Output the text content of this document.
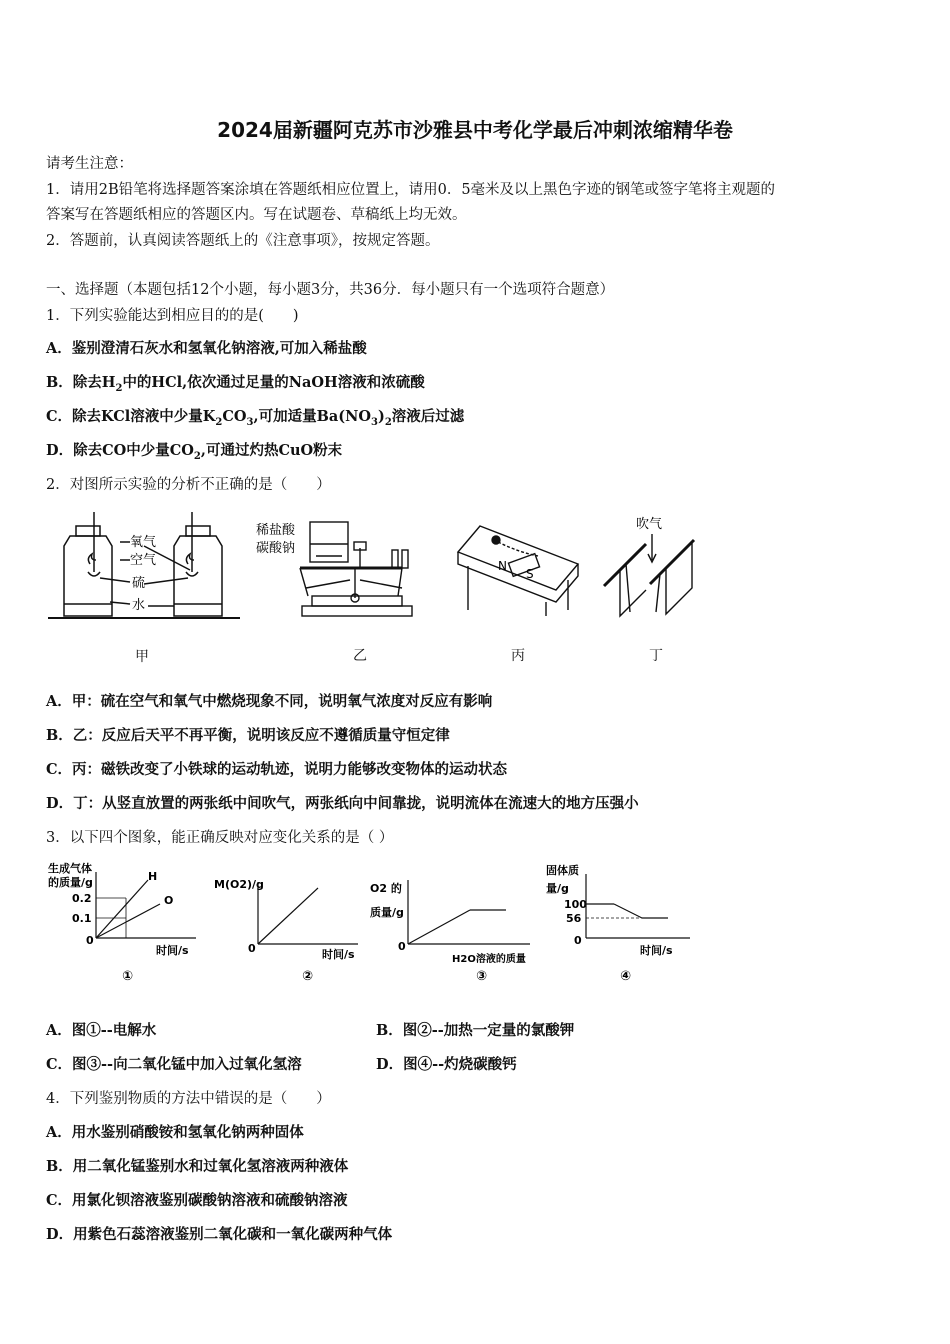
2024届新疆阿克苏市沙雅县中考化学最后冲刺浓缩精华卷
请考生注意：
1．请用2B铅笔将选择题答案涂填在答题纸相应位置上，请用0．5毫米及以上黑色字迹的钢笔或签字笔将主观题的
答案写在答题纸相应的答题区内。写在试题卷、草稿纸上均无效。
2．答题前，认真阅读答题纸上的《注意事项》，按规定答题。
一、选择题（本题包括12个小题，每小题3分，共36分．每小题只有一个选项符合题意）
1．下列实验能达到相应目的的是(　　)
A．鉴别澄清石灰水和氢氧化钠溶液,可加入稀盐酸
B．除去$H_2$中的HCl,依次通过足量的NaOH溶液和浓硫酸
C．除去KCl溶液中少量$K_2CO_3$,可加适量$Ba(NO_3)_2$溶液后过滤
D．除去CO中少量$CO_2$,可通过灼热CuO粉末
2．对图所示实验的分析不正确的是（　　）
氧气
空气
硫
水
稀盐酸
碳酸钠
N
S
吹气
甲	乙	丙	丁
A．甲：硫在空气和氧气中燃烧现象不同，说明氧气浓度对反应有影响
B．乙：反应后天平不再平衡，说明该反应不遵循质量守恒定律
C．丙：磁铁改变了小铁球的运动轨迹，说明力能够改变物体的运动状态
D．丁：从竖直放置的两张纸中间吹气，两张纸向中间靠拢，说明流体在流速大的地方压强小
3．以下四个图象，能正确反映对应变化关系的是（ ）
生成气体
的质量/g
0.2
0.1
0
时间/s
H
O
①
M(O2)/g
0	时间/s
②
O2 的
质量/g
0
H2O溶液的质量
③
固体质
量/g
100
56
0
时间/s
④
A．图①--电解水	B．图②--加热一定量的氯酸钾
C．图③--向二氧化锰中加入过氧化氢溶	D．图④--灼烧碳酸钙
4．下列鉴别物质的方法中错误的是（　　）
A．用水鉴别硝酸铵和氢氧化钠两种固体
B．用二氧化锰鉴别水和过氧化氢溶液两种液体
C．用氯化钡溶液鉴别碳酸钠溶液和硫酸钠溶液
D．用紫色石蕊溶液鉴别二氧化碳和一氧化碳两种气体
